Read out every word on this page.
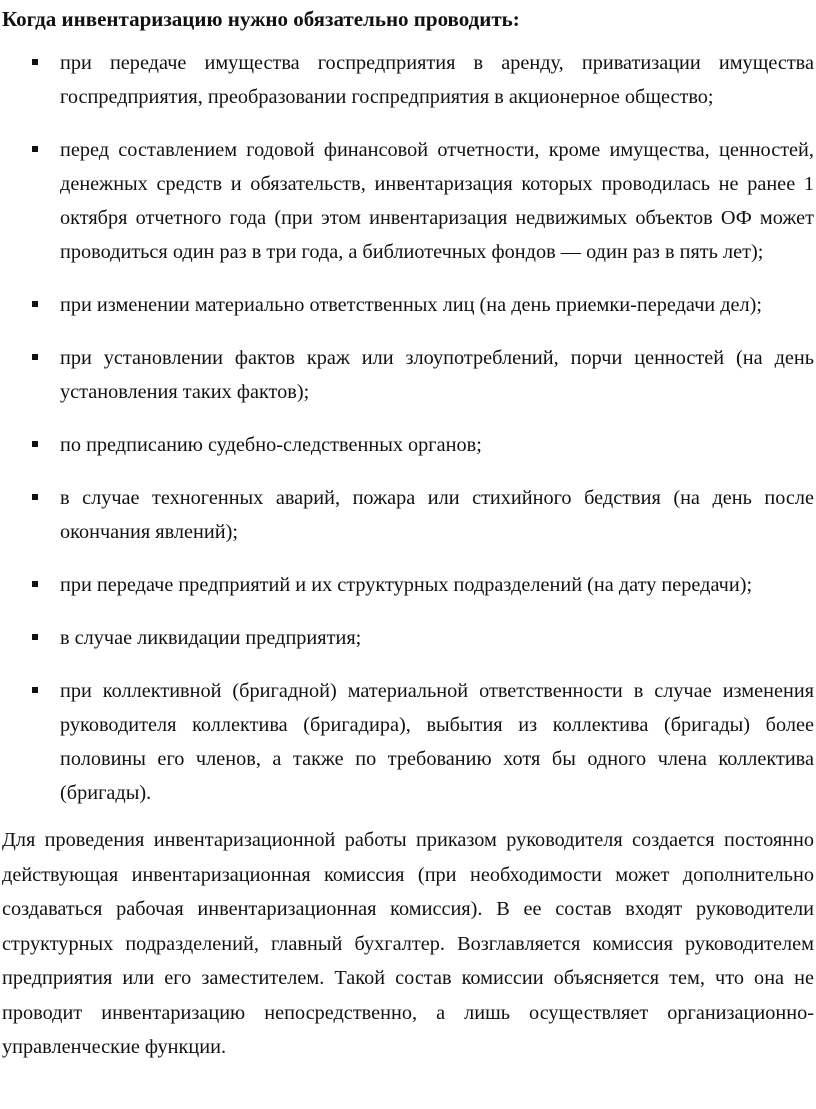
Когда инвентаризацию нужно обязательно проводить:
при передаче имущества госпредприятия в аренду, приватизации имущества госпредприятия, преобразовании госпредприятия в акционерное общество;
перед составлением годовой финансовой отчетности, кроме имущества, ценностей, денежных средств и обязательств, инвентаризация которых проводилась не ранее 1 октября отчетного года (при этом инвентаризация недвижимых объектов ОФ может проводиться один раз в три года, а библиотечных фондов — один раз в пять лет);
при изменении материально ответственных лиц (на день приемки-передачи дел);
при установлении фактов краж или злоупотреблений, порчи ценностей (на день установления таких фактов);
по предписанию судебно-следственных органов;
в случае техногенных аварий, пожара или стихийного бедствия (на день после окончания явлений);
при передаче предприятий и их структурных подразделений (на дату передачи);
в случае ликвидации предприятия;
при коллективной (бригадной) материальной ответственности в случае изменения руководителя коллектива (бригадира), выбытия из коллектива (бригады) более половины его членов, а также по требованию хотя бы одного члена коллектива (бригады).

Для проведения инвентаризационной работы приказом руководителя создается постоянно действующая инвентаризационная комиссия (при необходимости может дополнительно создаваться рабочая инвентаризационная комиссия). В ее состав входят руководители структурных подразделений, главный бухгалтер. Возглавляется комиссия руководителем предприятия или его заместителем. Такой состав комиссии объясняется тем, что она не проводит инвентаризацию непосредственно, а лишь осуществляет организационно-управленческие функции.
